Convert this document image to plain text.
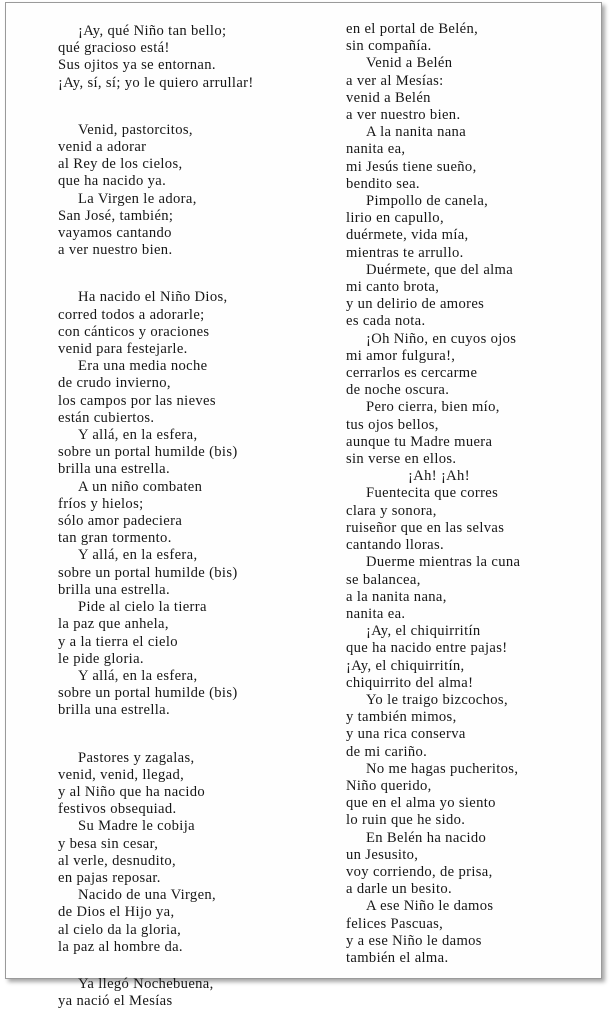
¡Ay, qué Niño tan bello;
qué gracioso está!
Sus ojitos ya se entornan.
¡Ay, sí, sí; yo le quiero arrullar!
Venid, pastorcitos,
venid a adorar
al Rey de los cielos,
que ha nacido ya.
La Virgen le adora,
San José, también;
vayamos cantando
a ver nuestro bien.
Ha nacido el Niño Dios,
corred todos a adorarle;
con cánticos y oraciones
venid para festejarle.
Era una media noche
de crudo invierno,
los campos por las nieves
están cubiertos.
Y allá, en la esfera,
sobre un portal humilde (bis)
brilla una estrella.
A un niño combaten
fríos y hielos;
sólo amor padeciera
tan gran tormento.
Y allá, en la esfera,
sobre un portal humilde (bis)
brilla una estrella.
Pide al cielo la tierra
la paz que anhela,
y a la tierra el cielo
le pide gloria.
Y allá, en la esfera,
sobre un portal humilde (bis)
brilla una estrella.
Pastores y zagalas,
venid, venid, llegad,
y al Niño que ha nacido
festivos obsequiad.
Su Madre le cobija
y besa sin cesar,
al verle, desnudito,
en pajas reposar.
Nacido de una Virgen,
de Dios el Hijo ya,
al cielo da la gloria,
la paz al hombre da.
Ya llegó Nochebuena,
ya nació el Mesías
en el portal de Belén,
sin compañía.
Venid a Belén
a ver al Mesías:
venid a Belén
a ver nuestro bien.
A la nanita nana
nanita ea,
mi Jesús tiene sueño,
bendito sea.
Pimpollo de canela,
lirio en capullo,
duérmete, vida mía,
mientras te arrullo.
Duérmete, que del alma
mi canto brota,
y un delirio de amores
es cada nota.
¡Oh Niño, en cuyos ojos
mi amor fulgura!,
cerrarlos es cercarme
de noche oscura.
Pero cierra, bien mío,
tus ojos bellos,
aunque tu Madre muera
sin verse en ellos.
¡Ah! ¡Ah!
Fuentecita que corres
clara y sonora,
ruiseñor que en las selvas
cantando lloras.
Duerme mientras la cuna
se balancea,
a la nanita nana,
nanita ea.
¡Ay, el chiquirritín
que ha nacido entre pajas!
¡Ay, el chiquirritín,
chiquirrito del alma!
Yo le traigo bizcochos,
y también mimos,
y una rica conserva
de mi cariño.
No me hagas pucheritos,
Niño querido,
que en el alma yo siento
lo ruin que he sido.
En Belén ha nacido
un Jesusito,
voy corriendo, de prisa,
a darle un besito.
A ese Niño le damos
felices Pascuas,
y a ese Niño le damos
también el alma.
